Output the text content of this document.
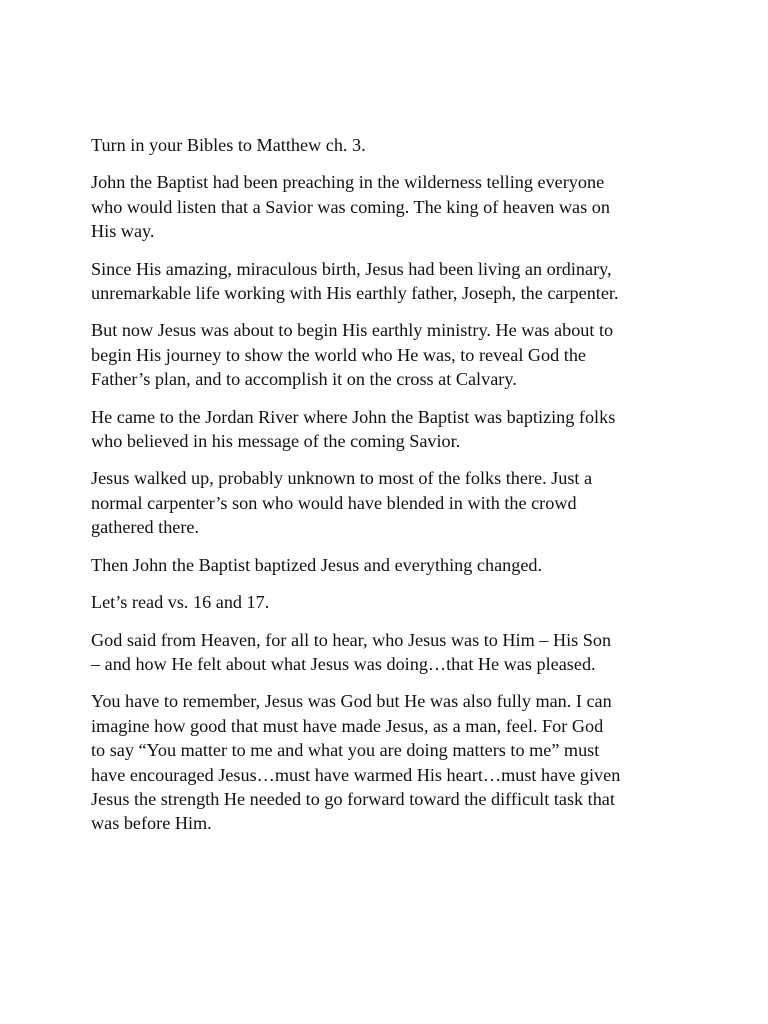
Turn in your Bibles to Matthew ch. 3.

John the Baptist had been preaching in the wilderness telling everyone
who would listen that a Savior was coming. The king of heaven was on
His way.

Since His amazing, miraculous birth, Jesus had been living an ordinary,
unremarkable life working with His earthly father, Joseph, the carpenter.

But now Jesus was about to begin His earthly ministry. He was about to
begin His journey to show the world who He was, to reveal God the
Father’s plan, and to accomplish it on the cross at Calvary.

He came to the Jordan River where John the Baptist was baptizing folks
who believed in his message of the coming Savior.

Jesus walked up, probably unknown to most of the folks there. Just a
normal carpenter’s son who would have blended in with the crowd
gathered there.

Then John the Baptist baptized Jesus and everything changed.

Let’s read vs. 16 and 17.

God said from Heaven, for all to hear, who Jesus was to Him – His Son
– and how He felt about what Jesus was doing…that He was pleased.

You have to remember, Jesus was God but He was also fully man. I can
imagine how good that must have made Jesus, as a man, feel. For God
to say “You matter to me and what you are doing matters to me” must
have encouraged Jesus…must have warmed His heart…must have given
Jesus the strength He needed to go forward toward the difficult task that
was before Him.
